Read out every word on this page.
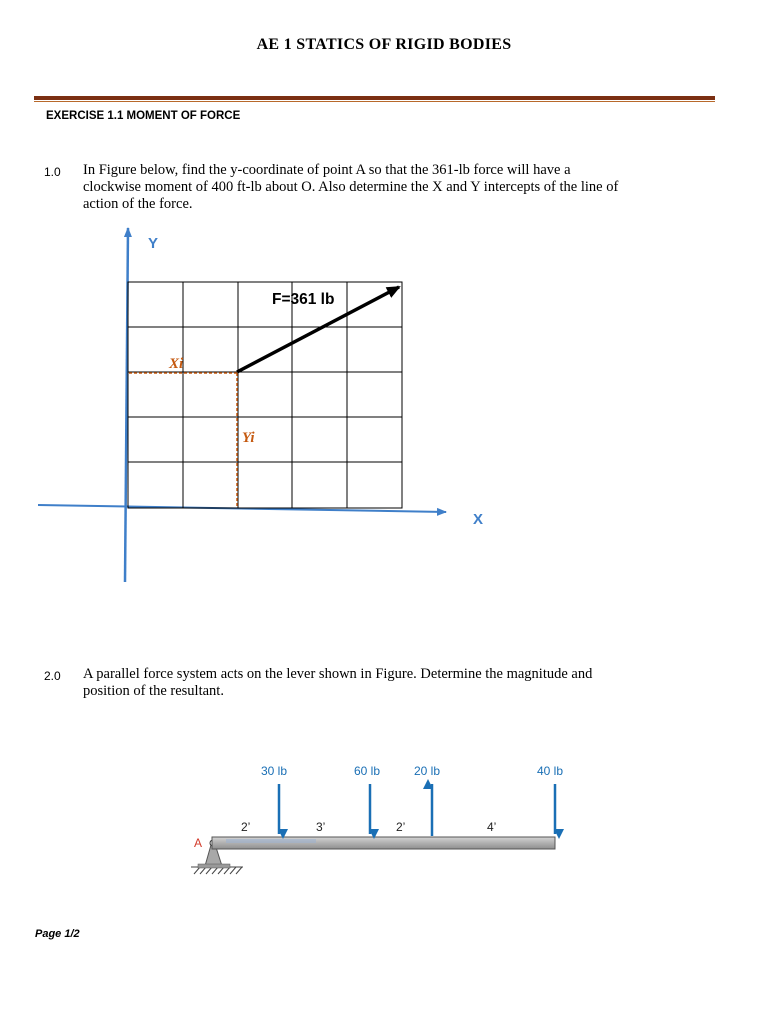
AE 1 STATICS OF RIGID BODIES
EXERCISE 1.1 MOMENT OF FORCE
1.0 In Figure below, find the y-coordinate of point A so that the 361-lb force will have a
clockwise moment of 400 ft-lb about O. Also determine the X and Y intercepts of the line of
action of the force.
2.0 A parallel force system acts on the lever shown in Figure. Determine the magnitude and
position of the resultant.
Y
X
F=361 lb
Xi
Yi
30 lb	60 lb	20 lb	40 lb
2’	3’	2’	4’
A
Page 1/2
